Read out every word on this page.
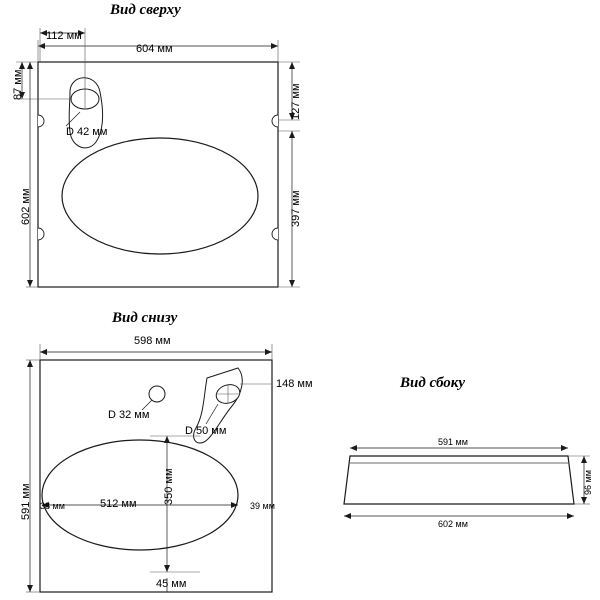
Вид сверху
112 мм
604 мм
87 мм
602 мм
127 мм
397 мм
D 42 мм
Вид снизу
598 мм
591 мм
148 мм
D 32 мм
D 50 мм
350 мм
512 мм
38 мм	39 мм
45 мм
Вид сбоку
591 мм
602 мм
96 мм
